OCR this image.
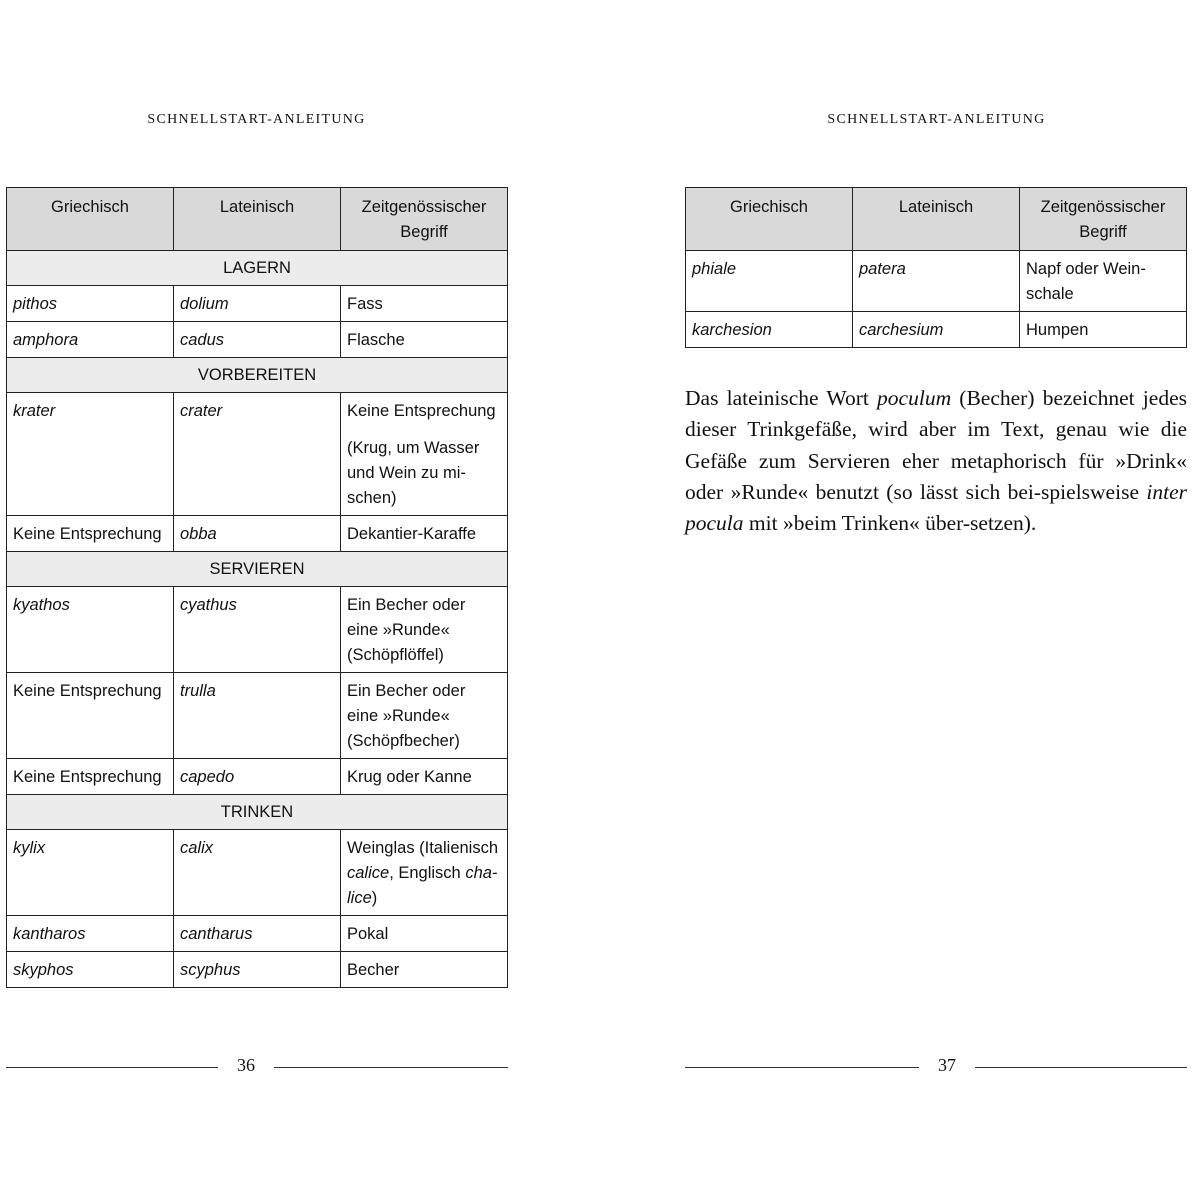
SCHNELLSTART-ANLEITUNG

Griechisch	Lateinisch	Zeitgenössischer Begriff
LAGERN		
pithos	dolium	Fass
amphora	cadus	Flasche
VORBEREITEN		
krater	crater	Keine Entsprechung
(Krug, um Wasser und Wein zu mi-schen)

Keine Entsprechung	obba	Dekantier-Karaffe
SERVIEREN		
kyathos	cyathus	Ein Becher oder eine »Runde« (Schöpflöffel)
Keine Entsprechung	trulla	Ein Becher oder eine »Runde« (Schöpfbecher)
Keine Entsprechung	capedo	Krug oder Kanne
TRINKEN		
kylix	calix	Weinglas (Italienisch calice, Englisch cha-lice)
kantharos	cantharus	Pokal
skyphos	scyphus	Becher

36

SCHNELLSTART-ANLEITUNG

Griechisch	Lateinisch	Zeitgenössischer Begriff
phiale	patera	Napf oder Wein-schale
karchesion	carchesium	Humpen

Das lateinische Wort poculum (Becher) bezeichnet jedes dieser Trinkgefäße, wird aber im Text, genau wie die Gefäße zum Servieren eher metaphorisch für »Drink« oder »Runde« benutzt (so lässt sich bei-spielsweise inter pocula mit »beim Trinken« über-setzen).

37
